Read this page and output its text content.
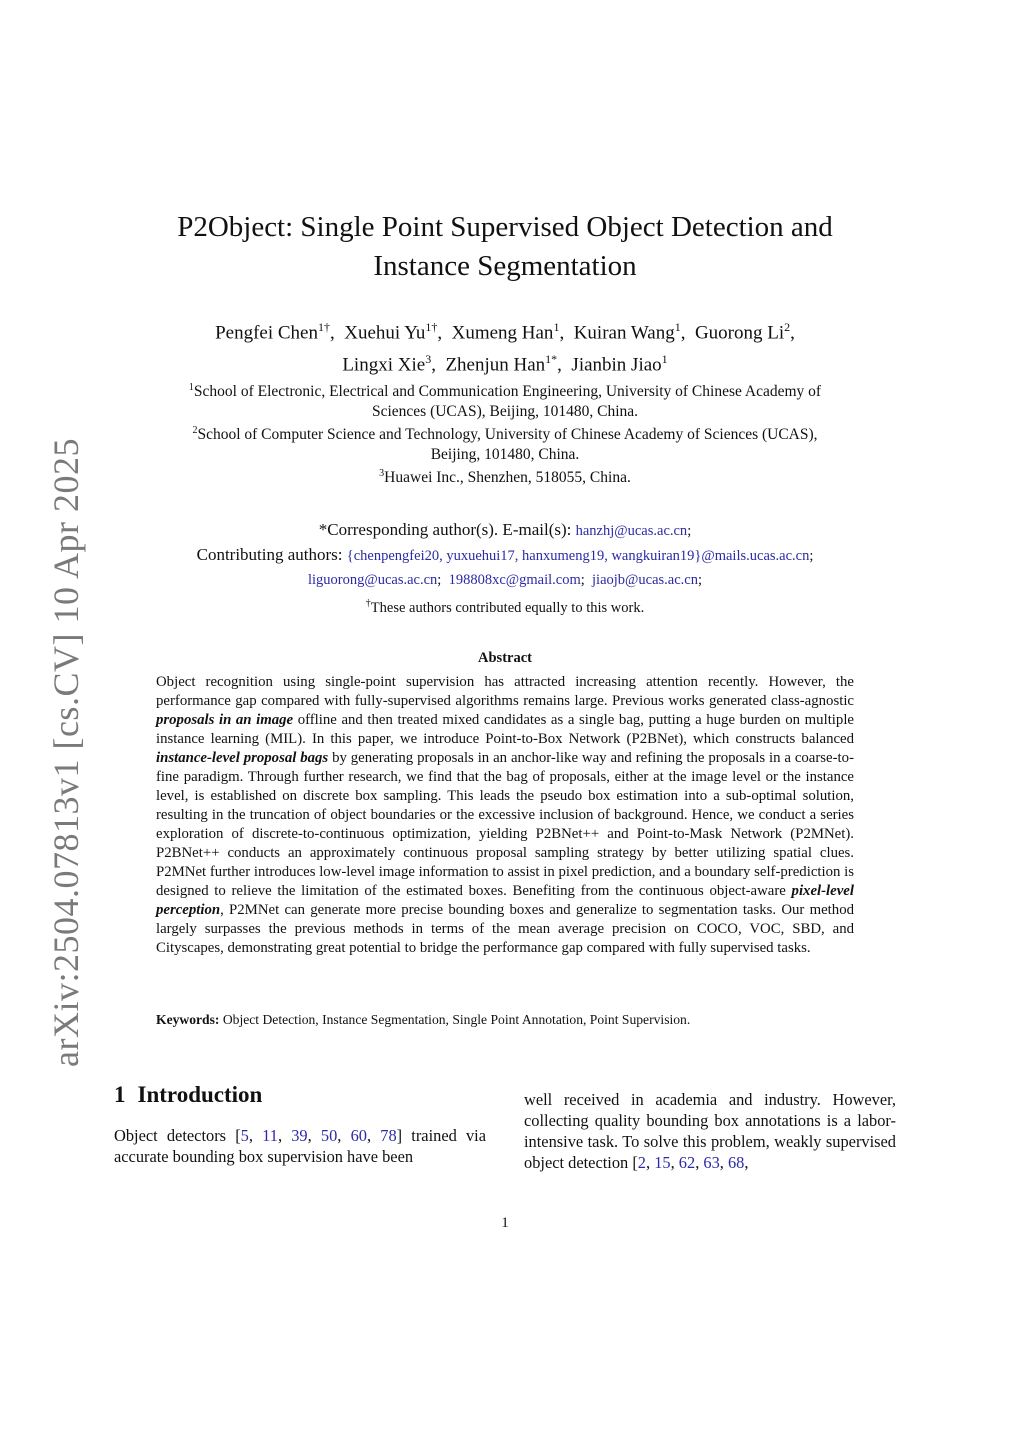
arXiv:2504.07813v1 [cs.CV] 10 Apr 2025
P2Object: Single Point Supervised Object Detection and
Instance Segmentation
Pengfei Chen$^{1\dagger}$,  Xuehui $Yu^{1\dagger}$,  Xumeng Han$^1$,  Kuiran Wang$^1$,  Guorong Li$^2$,
Lingxi Xie$^3$,  Zhenjun Han$^{1*}$,  Jianbin Jiao$^1$
$^1$School of Electronic, Electrical and Communication Engineering, University of Chinese Academy of
Sciences (UCAS), Beijing, 101480, China.
$^2$School of Computer Science and Technology, University of Chinese Academy of Sciences (UCAS),
Beijing, 101480, China.
$^3$Huawei Inc., Shenzhen, 518055, China.
*Corresponding author(s). E-mail(s): hanzhj@ucas.ac.cn;
Contributing authors: {chenpengfei20, yuxuehui17, hanxumeng19, wangkuiran19}@mails.ucas.ac.cn;
liguorong@ucas.ac.cn; 198808xc@gmail.com; jiaojb@ucas.ac.cn;
†These authors contributed equally to this work.
Abstract
Object recognition using single-point supervision has attracted increasing attention recently. However, the performance gap compared with fully-supervised algorithms remains large. Previous works generated class-agnostic proposals in an image offline and then treated mixed candidates as a single bag, putting a huge burden on multiple instance learning (MIL). In this paper, we introduce Point-to-Box Network (P2BNet), which constructs balanced instance-level proposal bags by generating proposals in an anchor-like way and refining the proposals in a coarse-to-fine paradigm. Through further research, we find that the bag of proposals, either at the image level or the instance level, is established on discrete box sampling. This leads the pseudo box estimation into a sub-optimal solution, resulting in the truncation of object boundaries or the excessive inclusion of background. Hence, we conduct a series exploration of discrete-to-continuous optimization, yielding P2BNet++ and Point-to-Mask Network (P2MNet). P2BNet++ conducts an approximately continuous proposal sampling strategy by better utilizing spatial clues. P2MNet further introduces low-level image information to assist in pixel prediction, and a boundary self-prediction is designed to relieve the limitation of the estimated boxes. Benefiting from the continuous object-aware pixel-level perception, P2MNet can generate more precise bounding boxes and generalize to segmentation tasks. Our method largely surpasses the previous methods in terms of the mean average precision on COCO, VOC, SBD, and Cityscapes, demonstrating great potential to bridge the performance gap compared with fully supervised tasks.
Keywords: Object Detection, Instance Segmentation, Single Point Annotation, Point Supervision.
1 Introduction
Object detectors [5, 11, 39, 50, 60, 78] trained via accurate bounding box supervision have been
well received in academia and industry. However, collecting quality bounding box annotations is a labor-intensive task. To solve this problem, weakly supervised object detection [2, 15, 62, 63, 68,
1
